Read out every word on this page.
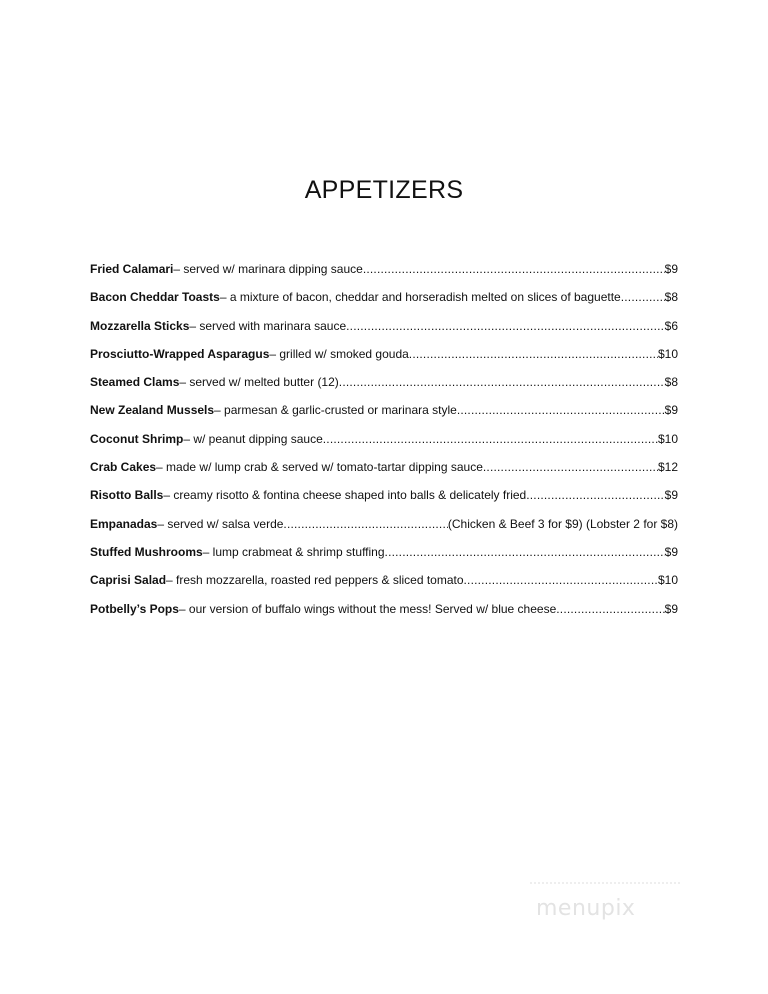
APPETIZERS
Fried Calamari – served w/ marinara dipping sauce .....	$9
Bacon Cheddar Toasts – a mixture of bacon, cheddar and horseradish melted on slices of baguette .....	$8
Mozzarella Sticks – served with marinara sauce .....	$6
Prosciutto-Wrapped Asparagus – grilled w/ smoked gouda .....	$10
Steamed Clams – served w/ melted butter (12) .....	$8
New Zealand Mussels – parmesan & garlic-crusted or marinara style .....	$9
Coconut Shrimp – w/ peanut dipping sauce .....	$10
Crab Cakes – made w/ lump crab & served w/ tomato-tartar dipping sauce .....	$12
Risotto Balls – creamy risotto & fontina cheese shaped into balls & delicately fried .....	$9
Empanadas – served w/ salsa verde .....	(Chicken & Beef 3 for $9) (Lobster 2 for $8)
Stuffed Mushrooms – lump crabmeat & shrimp stuffing .....	$9
Caprisi Salad – fresh mozzarella, roasted red peppers & sliced tomato .....	$10
Potbelly’s Pops – our version of buffalo wings without the mess! Served w/ blue cheese .....	$9
menupix
